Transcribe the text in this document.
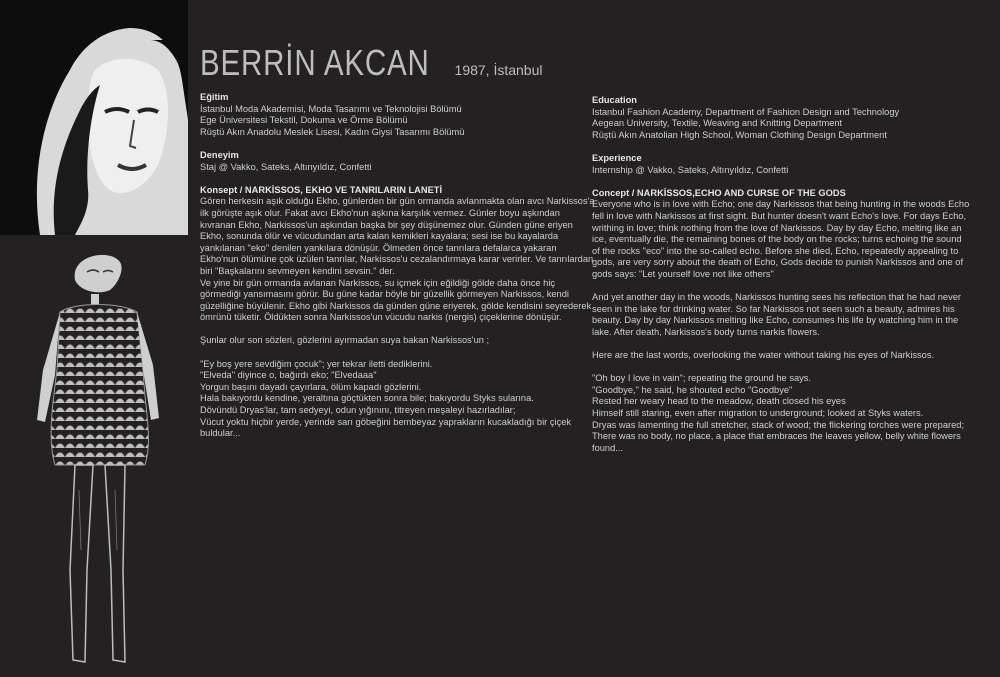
BERRİN AKCAN 1987, İstanbul
Eğitim
İstanbul Moda Akademisi, Moda Tasarımı ve Teknolojisi Bölümü
Ege Üniversitesi Tekstil, Dokuma ve Örme Bölümü
Rüştü Akın Anadolu Meslek Lisesi, Kadın Giysi Tasarımı Bölümü
Deneyim
Staj @ Vakko, Sateks, Altınyıldız, Confetti
Konsept / NARKİSSOS, EKHO VE TANRILARIN LANETİ
Gören herkesin aşık olduğu Ekho, günlerden bir gün ormanda avlanmakta olan avcı Narkissos'a
ilk görüşte aşık olur. Fakat avcı Ekho'nun aşkına karşılık vermez. Günler boyu aşkından
kıvranan Ekho, Narkissos'un aşkından başka bir şey düşünemez olur. Günden güne eriyen
Ekho, sonunda ölür ve vücudundan arta kalan kemikleri kayalara; sesi ise bu kayalarda
yankılanan "eko" denilen yankılara dönüşür. Ölmeden önce tanrılara defalarca yakaran
Ekho'nun ölümüne çok üzülen tanrılar, Narkissos'u cezalandırmaya karar verirler. Ve tanrılardan
biri "Başkalarını sevmeyen kendini sevsin." der.
Ve yine bir gün ormanda avlanan Narkissos, su içmek için eğildiği gölde daha önce hiç
görmediği yansımasını görür. Bu güne kadar böyle bir güzellik görmeyen Narkissos, kendi
güzelliğine büyülenir. Ekho gibi Narkissos da günden güne eriyerek, gölde kendisini seyrederek
ömrünü tüketir. Öldükten sonra Narkissos'un vücudu narkis (nergis) çiçeklerine dönüşür.
Şunlar olur son sözleri, gözlerini ayırmadan suya bakan Narkissos'un ;
"Ey boş yere sevdiğim çocuk"; yer tekrar iletti dediklerini.
"Elveda" diyince o, bağırdı eko; "Elvedaaa"
Yorgun başını dayadı çayırlara, ölüm kapadı gözlerini.
Hala bakıyordu kendine, yeraltına göçtükten sonra bile; bakıyordu Styks sularına.
Dövündü Dryas'lar, tam sedyeyi, odun yığınını, titreyen meşaleyi hazırladılar;
Vücut yoktu hiçbir yerde, yerinde sarı göbeğini bembeyaz yaprakların kucakladığı bir çiçek
buldular...
Education
Istanbul Fashion Academy, Department of Fashion Design and Technology
Aegean University, Textile, Weaving and Knitting Department
Rüştü Akın Anatolian High School, Woman Clothing Design Department
Experience
Internship @ Vakko, Sateks, Altınyıldız, Confetti
Concept / NARKİSSOS,ECHO AND CURSE OF THE GODS
Everyone who is in love with Echo; one day Narkissos that being hunting in the woods Echo
fell in love with Narkissos at first sight. But hunter doesn't want Echo's love. For days Echo,
writhing in love; think nothing from the love of Narkissos. Day by day Echo, melting like an
ice, eventually die, the remaining bones of the body on the rocks; turns echoing the sound
of the rocks "eco" into the so-called echo. Before she died, Echo, repeatedly appealing to
gods, are very sorry about the death of Echo, Gods decide to punish Narkissos and one of
gods says: "Let yourself love not like others"
And yet another day in the woods, Narkissos hunting sees his reflection that he had never
seen in the lake for drinking water. So far Narkissos not seen such a beauty, admires his
beauty. Day by day Narkissos melting like Echo, consumes his life by watching him in the
lake. After death, Narkissos's body turns narkis flowers.
Here are the last words, overlooking the water without taking his eyes of Narkissos.
"Oh boy I love in vain"; repeating the ground he says.
"Goodbye," he said, he shouted echo "Goodbye"
Rested her weary head to the meadow, death closed his eyes
Himself still staring, even after migration to underground; looked at Styks waters.
Dryas was lamenting the full stretcher, stack of wood; the flickering torches were prepared;
There was no body, no place, a place that embraces the leaves yellow, belly white flowers
found...
